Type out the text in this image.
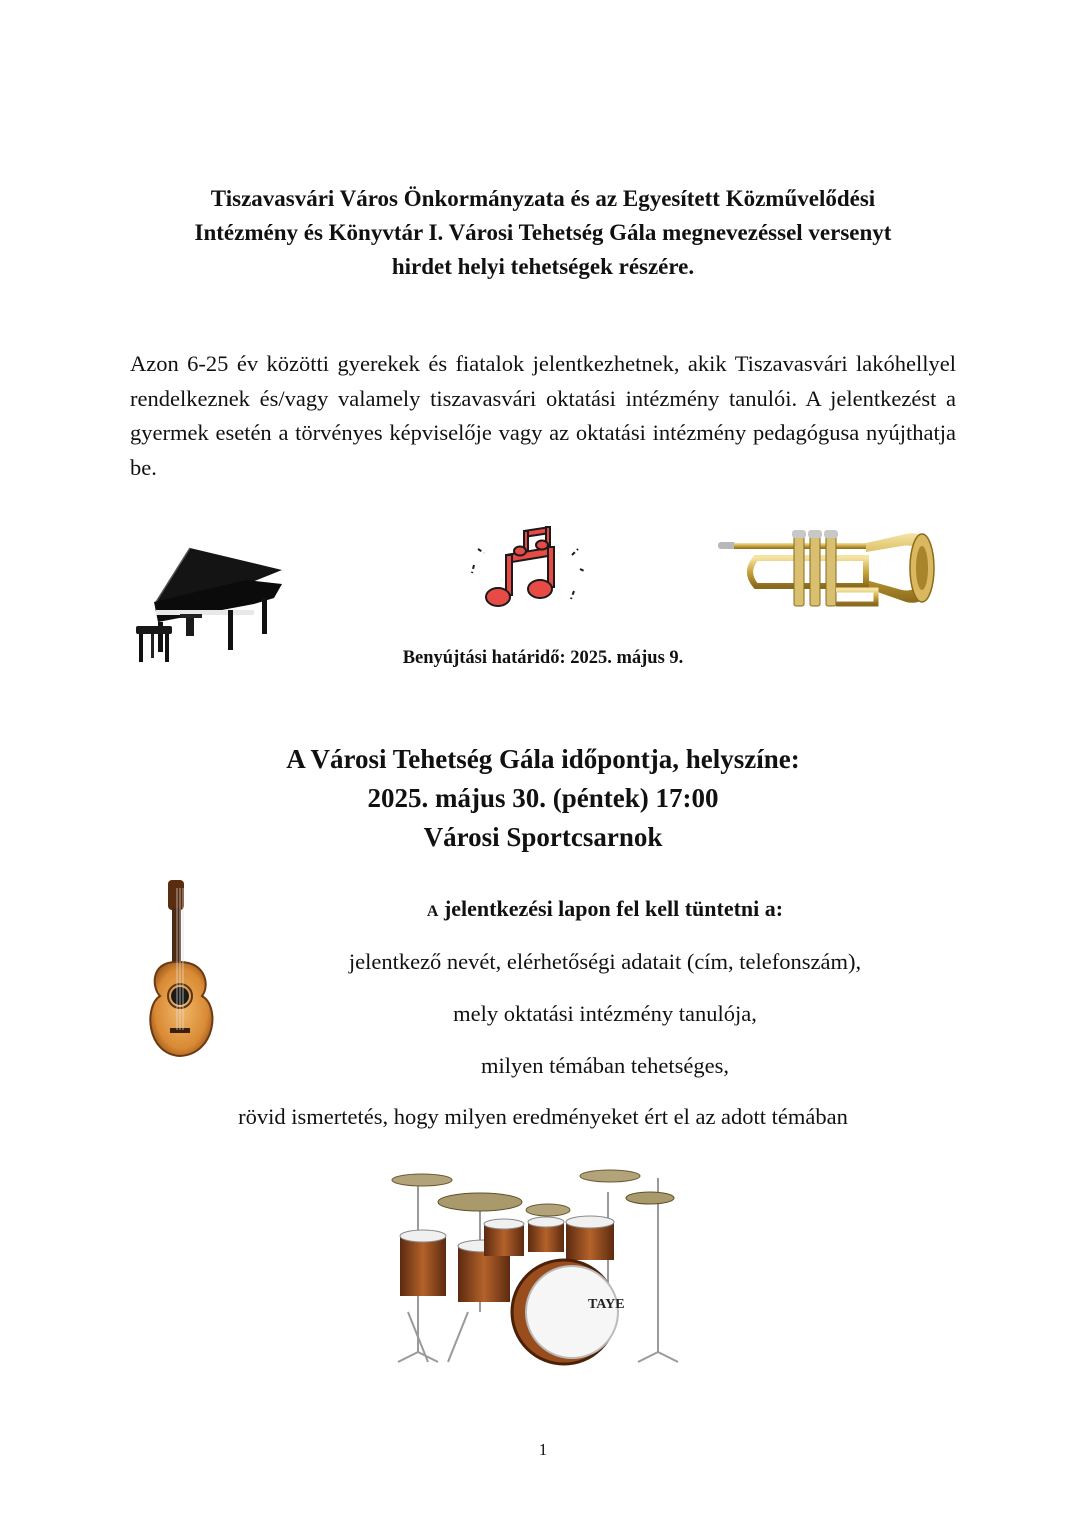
Tiszavasvári Város Önkormányzata és az Egyesített Közművelődési
Intézmény és Könyvtár I. Városi Tehetség Gála megnevezéssel versenyt
hirdet helyi tehetségek részére.
Azon 6-25 év közötti gyerekek és fiatalok jelentkezhetnek, akik Tiszavasvári lakóhellyel rendelkeznek és/vagy valamely tiszavasvári oktatási intézmény tanulói. A jelentkezést a gyermek esetén a törvényes képviselője vagy az oktatási intézmény pedagógusa nyújthatja be.
Benyújtási határidő: 2025. május 9.
A Városi Tehetség Gála időpontja, helyszíne:
2025. május 30. (péntek) 17:00
Városi Sportcsarnok
A jelentkezési lapon fel kell tüntetni a:
jelentkező nevét, elérhetőségi adatait (cím, telefonszám),
mely oktatási intézmény tanulója,
milyen témában tehetséges,
rövid ismertetés, hogy milyen eredményeket ért el az adott témában
TAYE
1
